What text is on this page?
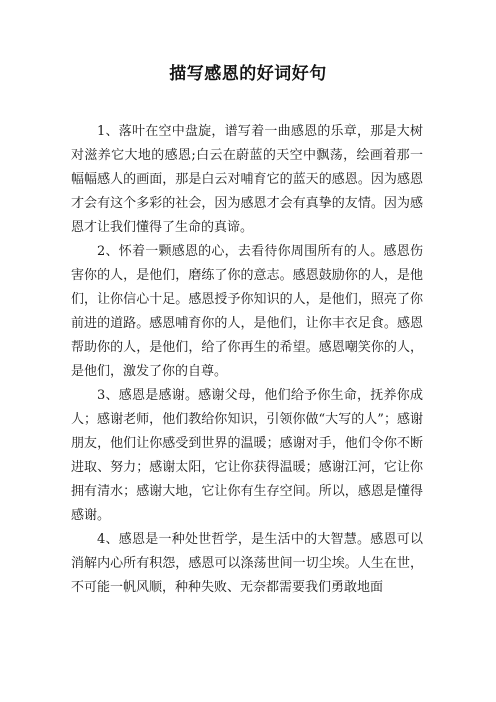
描写感恩的好词好句

1、落叶在空中盘旋，谱写着一曲感恩的乐章，那是大树对滋养它大地的感恩;白云在蔚蓝的天空中飘荡，绘画着那一幅幅感人的画面，那是白云对哺育它的蓝天的感恩。因为感恩才会有这个多彩的社会，因为感恩才会有真挚的友情。因为感恩才让我们懂得了生命的真谛。

2、怀着一颗感恩的心，去看待你周围所有的人。感恩伤害你的人，是他们，磨练了你的意志。感恩鼓励你的人，是他们，让你信心十足。感恩授予你知识的人，是他们，照亮了你前进的道路。感恩哺育你的人，是他们，让你丰衣足食。感恩帮助你的人，是他们，给了你再生的希望。感恩嘲笑你的人，是他们，激发了你的自尊。

3、感恩是感谢。感谢父母，他们给予你生命，抚养你成人；感谢老师，他们教给你知识，引领你做“大写的人”；感谢朋友，他们让你感受到世界的温暖；感谢对手，他们令你不断进取、努力；感谢太阳，它让你获得温暖；感谢江河，它让你拥有清水；感谢大地，它让你有生存空间。所以，感恩是懂得感谢。

4、感恩是一种处世哲学，是生活中的大智慧。感恩可以消解内心所有积怨，感恩可以涤荡世间一切尘埃。人生在世，不可能一帆风顺，种种失败、无奈都需要我们勇敢地面
